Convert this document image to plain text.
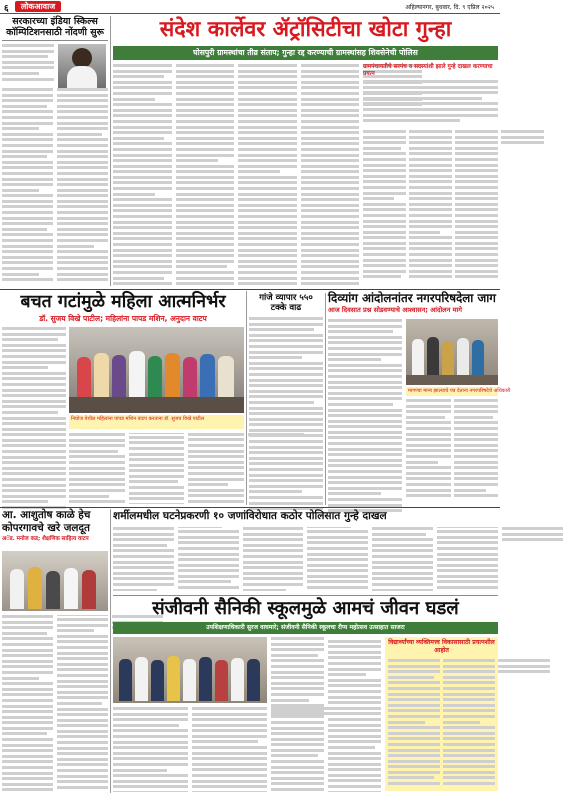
६	लोकआवाज	अहिल्यानगर, बुधवार, दि. ९ एप्रिल २०२५
सरकारच्या इंडिया स्किल्स कॉम्पिटिशनसाठी नोंदणी सुरू	संदेश कार्लेवर ॲट्रॉसिटीचा खोटा गुन्हा
घोसपुरी ग्रामस्थांचा तीव्र संताप; गुन्हा रद्द करण्याची ग्रामस्थांसह शिवसेनेची पोलिस
ग्रामपंचायतीचे सरपंच व सदस्यांशी झाले गुन्हे दाखल करण्याचा प्रयत्न
बचत गटांमुळे महिला आत्मनिर्भर
डॉ. सुजय विखे पाटील; महिलांना पापड मशिन, अनुदान वाटप
निघोज येथील महिलांना पापड मशिन वाटप करताना डॉ. सुजय विखे पाटील
गांजे व्यापार ५५०
टक्के वाढ
दिव्यांग आंदोलनांतर नगरपरिषदेला जाग
आज दिवसात प्रश्न सोडवण्याचे आश्वासन; आंदोलन मागे
मागण्या मान्य झाल्याचे पत्र देताना नगरपरिषदेचे अधिकारी
आ. आशुतोष काळे हेच कोपरगावचे खरे जलदूत
अॅड. मनोज कड; शैक्षणिक साहित्य वाटप
शर्मीलमधील घटनेप्रकरणी १० जणांविरोधात कठोर पोलिसात गुन्हे दाखल
संजीवनी सैनिकी स्कूलमुळे आमचं जीवन घडलं
उपशिक्षणाधिकारी सुरज वाघमारे; संजीवनी सैनिकी स्कूलचा रौप्य महोत्सव उत्साहात साजरा
विद्यार्थ्यांच्या व्यक्तिमत्त्व विकासासाठी प्रयत्नशील आहोत
